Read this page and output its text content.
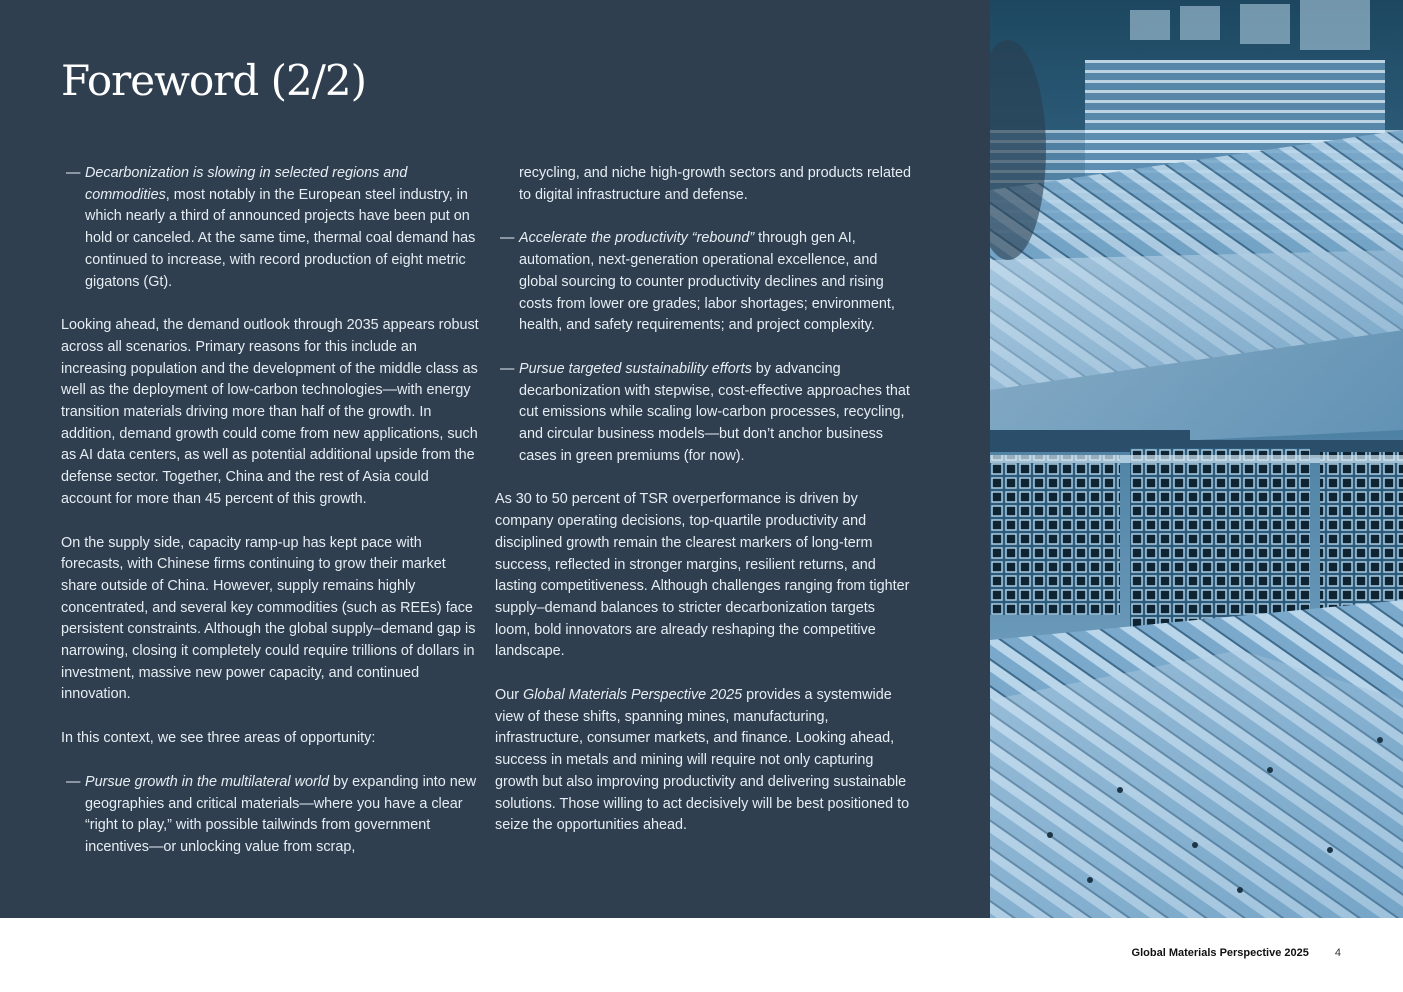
Foreword (2/2)
— Decarbonization is slowing in selected regions and commodities, most notably in the European steel industry, in which nearly a third of announced projects have been put on hold or canceled. At the same time, thermal coal demand has continued to increase, with record production of eight metric gigatons (Gt).

Looking ahead, the demand outlook through 2035 appears robust across all scenarios. Primary reasons for this include an increasing population and the development of the middle class as well as the deployment of low-carbon technologies—with energy transition materials driving more than half of the growth. In addition, demand growth could come from new applications, such as AI data centers, as well as potential additional upside from the defense sector. Together, China and the rest of Asia could account for more than 45 percent of this growth.

On the supply side, capacity ramp-up has kept pace with forecasts, with Chinese firms continuing to grow their market share outside of China. However, supply remains highly concentrated, and several key commodities (such as REEs) face persistent constraints. Although the global supply–demand gap is narrowing, closing it completely could require trillions of dollars in investment, massive new power capacity, and continued innovation.

In this context, we see three areas of opportunity:

— Pursue growth in the multilateral world by expanding into new geographies and critical materials—where you have a clear “right to play,” with possible tailwinds from government incentives—or unlocking value from scrap,

recycling, and niche high-growth sectors and products related to digital infrastructure and defense.

— Accelerate the productivity “rebound” through gen AI, automation, next-generation operational excellence, and global sourcing to counter productivity declines and rising costs from lower ore grades; labor shortages; environment, health, and safety requirements; and project complexity.
— Pursue targeted sustainability efforts by advancing decarbonization with stepwise, cost-effective approaches that cut emissions while scaling low-carbon processes, recycling, and circular business models—but don’t anchor business cases in green premiums (for now).

As 30 to 50 percent of TSR overperformance is driven by company operating decisions, top-quartile productivity and disciplined growth remain the clearest markers of long-term success, reflected in stronger margins, resilient returns, and lasting competitiveness. Although challenges ranging from tighter supply–demand balances to stricter decarbonization targets loom, bold innovators are already reshaping the competitive landscape.

Our Global Materials Perspective 2025 provides a systemwide view of these shifts, spanning mines, manufacturing, infrastructure, consumer markets, and finance. Looking ahead, success in metals and mining will require not only capturing growth but also improving productivity and delivering sustainable solutions. Those willing to act decisively will be best positioned to seize the opportunities ahead.

Global Materials Perspective 2025 4
